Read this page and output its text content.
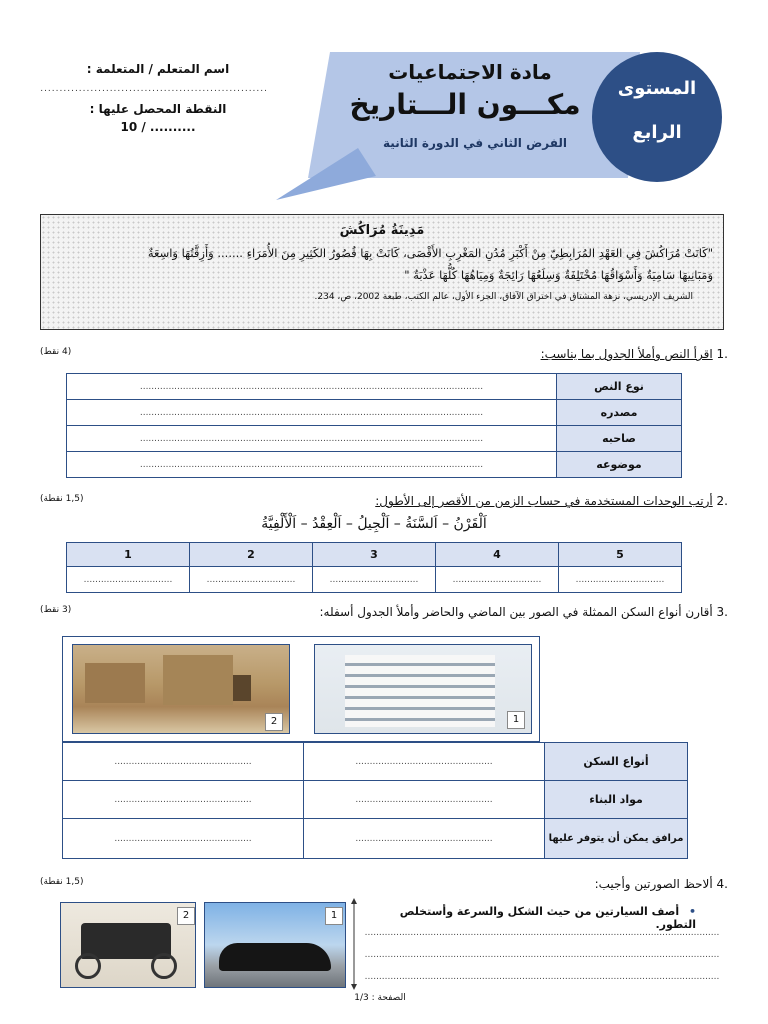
المستوى
الرابع
مادة الاجتماعيات
مكـــون الـــتاريخ
الفرض الثاني في الدورة الثانية
اسم المتعلم / المتعلمة :
...........................................................
النقطة المحصل عليها :
10 / ..........
مَدِينَةُ مُرَاكُشَ
"كَانَتْ مُرَاكُشَ فِي العَهْدِ المُرَابِطِيّ مِنْ أَكْبَرِ مُدُنِ المَغْرِبِ الأَقْصَى، كَانَتْ بِهَا قُصُورُ الكَثِيرِ مِنَ الأُمَرَاءِ ....... وَأَزِقَّتُهَا وَاسِعَةٌ
وَمَبَانِيهَا سَامِيَةٌ وَأَسْوَاقُهَا مُخْتَلِفَةٌ وَسِلَعُهَا رَائِجَةٌ وَمِيَاهُهَا كُلُّهَا عَذْبَةٌ "
الشريف الإدريسي، نزهة المشتاق في اختراق الآفاق، الجزء الأول، عالم الكتب، طبعة 2002، ص، 234.
.1 اقرأ النص وأملأ الجدول بما يناسب:
(4 نقط)
........................................................................................................................	نوع النص
........................................................................................................................	مصدره
........................................................................................................................	صاحبه
........................................................................................................................	موضوعه
.2 أرتب الوحدات المستخدمة في حساب الزمن من الأقصر إلى الأطول:
(1,5 نقطة)
اَلْقَرْنُ – اَلسَّنَةُ – اَلْجِيلُ – اَلْعِقْدُ – اَلْأَلْفِيَّةُ
1	2	3	4	5
...............................	...............................	...............................	...............................	...............................
.3 أقارن أنواع السكن الممثلة في الصور بين الماضي والحاضر وأملأ الجدول أسفله:
(3 نقط)
2	1
................................................	................................................	أنواع السكن
................................................	................................................	مواد البناء
................................................	................................................	مرافق يمكن أن يتوفر عليها
.4 ألاحظ الصورتين وأجيب:
(1,5 نقطة)
2	1	• أصف السيارتين من حيث الشكل والسرعة وأستخلص التطور.
............................................................................................................................
............................................................................................................................
............................................................................................................................
الصفحة : 1/3
